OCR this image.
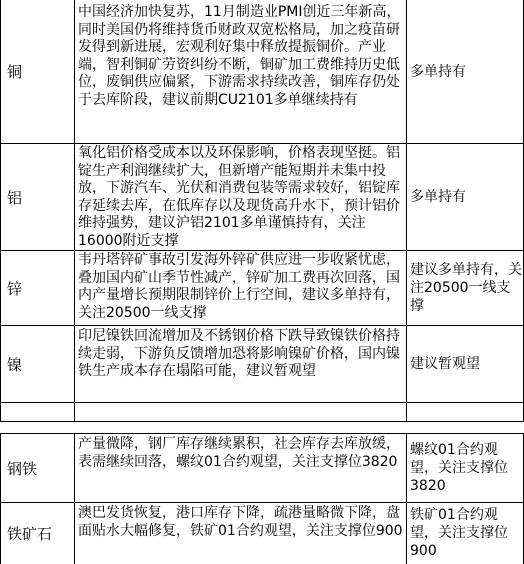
铜
中国经济加快复苏，11月制造业PMI创近三年新高，同时美国仍将维持货币财政双宽松格局，加之疫苗研发得到新进展，宏观利好集中释放提振铜价。产业端，智利铜矿劳资纠纷不断，铜矿加工费维持历史低位，废铜供应偏紧，下游需求持续改善，铜库存仍处于去库阶段，建议前期CU2101多单继续持有
多单持有
铝
氧化铝价格受成本以及环保影响，价格表现坚挺。铝锭生产利润继续扩大，但新增产能短期并未集中投放，下游汽车、光伏和消费包装等需求较好，铝锭库存延续去库，在低库存以及现货高升水下，预计铝价维持强势，建议沪铝2101多单谨慎持有，关注16000附近支撑
多单持有
锌
韦丹塔锌矿事故引发海外锌矿供应进一步收紧忧虑，叠加国内矿山季节性减产，锌矿加工费再次回落，国内产量增长预期限制锌价上行空间，建议多单持有，关注20500一线支撑
建议多单持有，关注20500一线支撑
镍
印尼镍铁回流增加及不锈钢价格下跌导致镍铁价格持续走弱，下游负反馈增加恐将影响镍矿价格，国内镍铁生产成本存在塌陷可能，建议暂观望	建议暂观望
钢铁
产量微降，钢厂库存继续累积，社会库存去库放缓，表需继续回落，螺纹01合约观望，关注支撑位3820
螺纹01合约观望，关注支撑位3820
铁矿石
澳巴发货恢复，港口库存下降，疏港量略微下降，盘面贴水大幅修复，铁矿01合约观望，关注支撑位900
铁矿01合约观望，关注支撑位900
